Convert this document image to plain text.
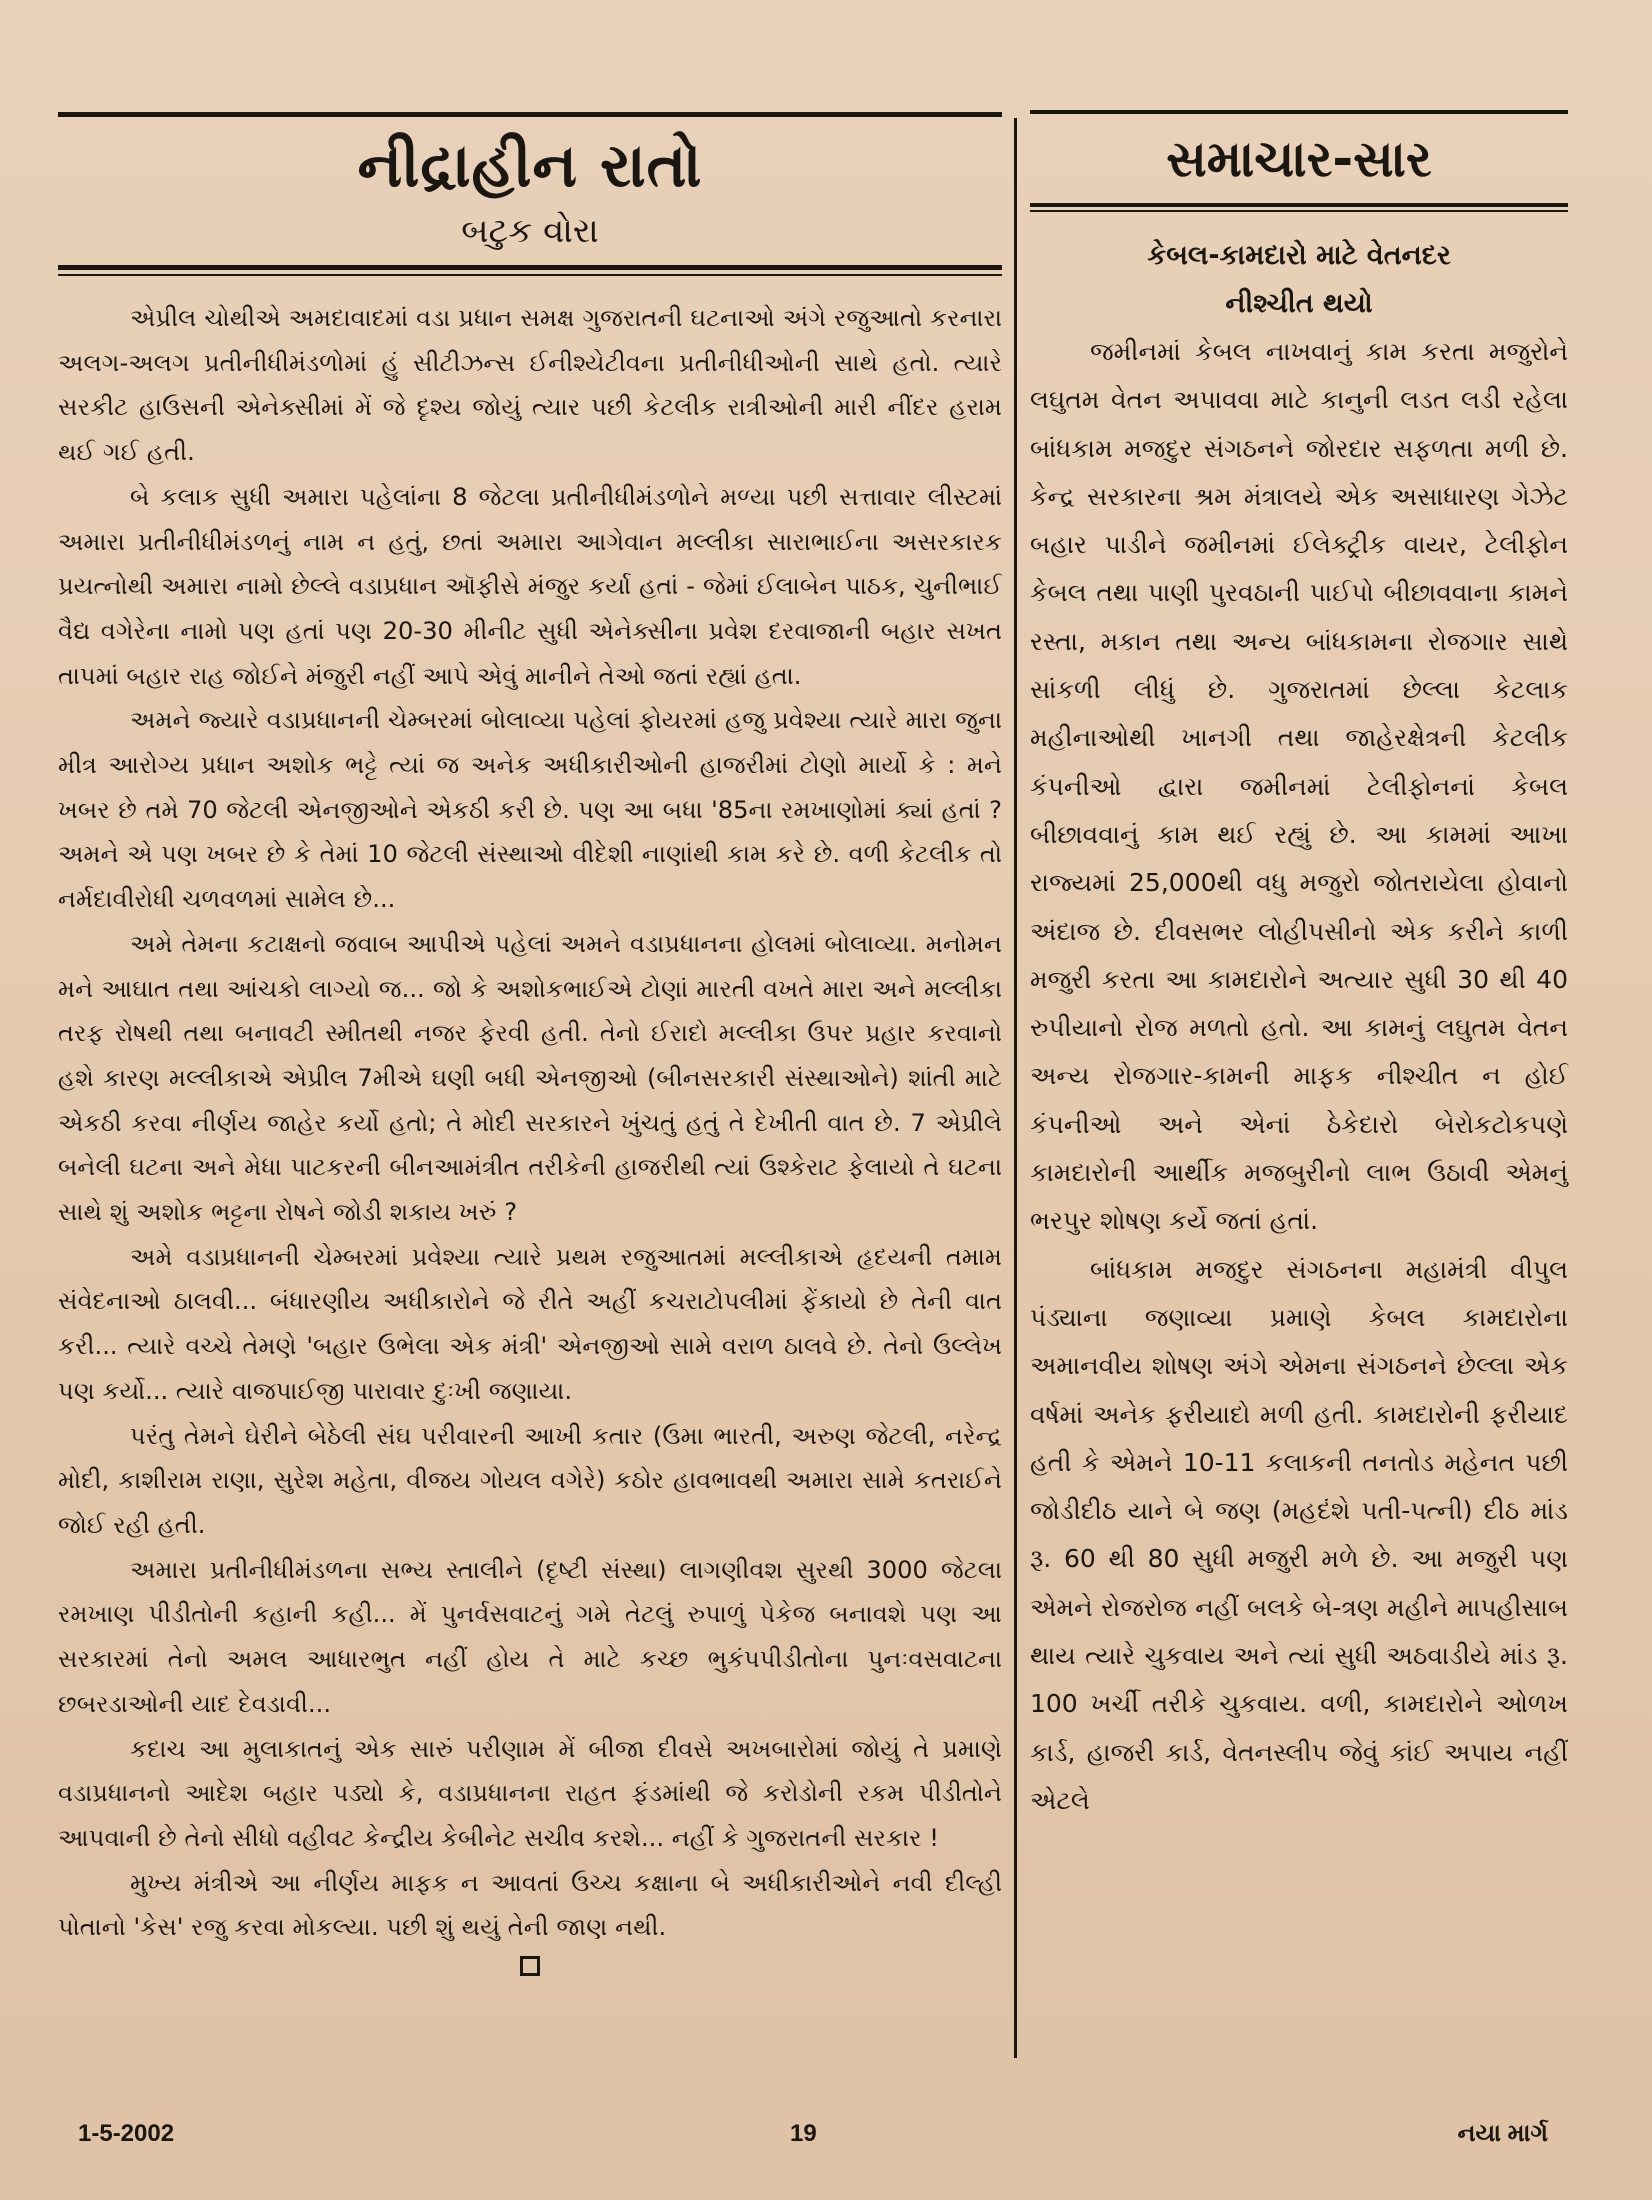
નીદ્રાહીન રાતો
બટુક વોરા

એપ્રીલ ચોથીએ અમદાવાદમાં વડા પ્રધાન સમક્ષ ગુજરાતની ઘટનાઓ અંગે રજુઆતો કરનારા અલગ-અલગ પ્રતીનીધીમંડળોમાં હું સીટીઝન્સ ઈનીશ્યેટીવના પ્રતીનીધીઓની સાથે હતો. ત્યારે સરકીટ હાઉસની એનેક્સીમાં મેં જે દૃશ્ય જોયું ત્યાર પછી કેટલીક રાત્રીઓની મારી નીંદર હરામ થઈ ગઈ હતી.

બે કલાક સુધી અમારા પહેલાંના 8 જેટલા પ્રતીનીધીમંડળોને મળ્યા પછી સત્તાવાર લીસ્ટમાં અમારા પ્રતીનીધીમંડળનું નામ ન હતું, છતાં અમારા આગેવાન મલ્લીકા સારાભાઈના અસરકારક પ્રયત્નોથી અમારા નામો છેલ્લે વડાપ્રધાન ઑફીસે મંજુર કર્યા હતાં - જેમાં ઈલાબેન પાઠક, ચુનીભાઈ વૈદ્ય વગેરેના નામો પણ હતાં પણ 20-30 મીનીટ સુધી એનેક્સીના પ્રવેશ દરવાજાની બહાર સખત તાપમાં બહાર રાહ જોઈને મંજુરી નહીં આપે એવું માનીને તેઓ જતાં રહ્યાં હતા.

અમને જ્યારે વડાપ્રધાનની ચેમ્બરમાં બોલાવ્યા પહેલાં ફોયરમાં હજુ પ્રવેશ્યા ત્યારે મારા જુના મીત્ર આરોગ્ય પ્રધાન અશોક ભટ્ટે ત્યાં જ અનેક અધીકારીઓની હાજરીમાં ટોણો માર્યો કે : મને ખબર છે તમે 70 જેટલી એનજીઓને એકઠી કરી છે. પણ આ બધા '85ના રમખાણોમાં ક્યાં હતાં ? અમને એ પણ ખબર છે કે તેમાં 10 જેટલી સંસ્થાઓ વીદેશી નાણાંથી કામ કરે છે. વળી કેટલીક તો નર્મદાવીરોધી ચળવળમાં સામેલ છે...

અમે તેમના કટાક્ષનો જવાબ આપીએ પહેલાં અમને વડાપ્રધાનના હોલમાં બોલાવ્યા. મનોમન મને આઘાત તથા આંચકો લાગ્યો જ... જો કે અશોકભાઈએ ટોણાં મારતી વખતે મારા અને મલ્લીકા તરફ રોષથી તથા બનાવટી સ્મીતથી નજર ફેરવી હતી. તેનો ઈરાદો મલ્લીકા ઉપર પ્રહાર કરવાનો હશે કારણ મલ્લીકાએ એપ્રીલ 7મીએ ઘણી બધી એનજીઓ (બીનસરકારી સંસ્થાઓને) શાંતી માટે એકઠી કરવા નીર્ણય જાહેર કર્યો હતો; તે મોદી સરકારને ખુંચતું હતું તે દેખીતી વાત છે. 7 એપ્રીલે બનેલી ઘટના અને મેધા પાટકરની બીનઆમંત્રીત તરીકેની હાજરીથી ત્યાં ઉશ્કેરાટ ફેલાયો તે ઘટના સાથે શું અશોક ભટ્ટના રોષને જોડી શકાય ખરું ?

અમે વડાપ્રધાનની ચેમ્બરમાં પ્રવેશ્યા ત્યારે પ્રથમ રજુઆતમાં મલ્લીકાએ હૃદયની તમામ સંવેદનાઓ ઠાલવી... બંધારણીય અધીકારોને જે રીતે અહીં કચરાટોપલીમાં ફેંકાયો છે તેની વાત કરી... ત્યારે વચ્ચે તેમણે 'બહાર ઉભેલા એક મંત્રી' એનજીઓ સામે વરાળ ઠાલવે છે. તેનો ઉલ્લેખ પણ કર્યો... ત્યારે વાજપાઈજી પારાવાર દુઃખી જણાયા.

પરંતુ તેમને ઘેરીને બેઠેલી સંઘ પરીવારની આખી કતાર (ઉમા ભારતી, અરુણ જેટલી, નરેન્દ્ર મોદી, કાશીરામ રાણા, સુરેશ મહેતા, વીજય ગોયલ વગેરે) કઠોર હાવભાવથી અમારા સામે કતરાઈને જોઈ રહી હતી.

અમારા પ્રતીનીધીમંડળના સભ્ય સ્તાલીને (દૃષ્ટી સંસ્થા) લાગણીવશ સુરથી 3000 જેટલા રમખાણ પીડીતોની કહાની કહી... મેં પુનર્વસવાટનું ગમે તેટલું રુપાળું પેકેજ બનાવશે પણ આ સરકારમાં તેનો અમલ આધારભુત નહીં હોય તે માટે કચ્છ ભુકંપપીડીતોના પુનઃવસવાટના છબરડાઓની યાદ દેવડાવી...

કદાચ આ મુલાકાતનું એક સારું પરીણામ મેં બીજા દીવસે અખબારોમાં જોયું તે પ્રમાણે વડાપ્રધાનનો આદેશ બહાર પડ્યો કે, વડાપ્રધાનના રાહત ફંડમાંથી જે કરોડોની રકમ પીડીતોને આપવાની છે તેનો સીધો વહીવટ કેન્દ્રીય કેબીનેટ સચીવ કરશે... નહીં કે ગુજરાતની સરકાર !

મુખ્ય મંત્રીએ આ નીર્ણય માફક ન આવતાં ઉચ્ચ કક્ષાના બે અધીકારીઓને નવી દીલ્હી પોતાનો 'કેસ' રજુ કરવા મોકલ્યા. પછી શું થયું તેની જાણ નથી.

સમાચાર-સાર
કેબલ-કામદારો માટે વેતનદર
નીશ્ચીત થયો

જમીનમાં કેબલ નાખવાનું કામ કરતા મજુરોને લઘુતમ વેતન અપાવવા માટે કાનુની લડત લડી રહેલા બાંધકામ મજદુર સંગઠનને જોરદાર સફળતા મળી છે. કેન્દ્ર સરકારના શ્રમ મંત્રાલયે એક અસાધારણ ગેઝેટ બહાર પાડીને જમીનમાં ઈલેક્ટ્રીક વાયર, ટેલીફોન કેબલ તથા પાણી પુરવઠાની પાઈપો બીછાવવાના કામને રસ્તા, મકાન તથા અન્ય બાંધકામના રોજગાર સાથે સાંકળી લીધું છે. ગુજરાતમાં છેલ્લા કેટલાક મહીનાઓથી ખાનગી તથા જાહેરક્ષેત્રની કેટલીક કંપનીઓ દ્વારા જમીનમાં ટેલીફોનનાં કેબલ બીછાવવાનું કામ થઈ રહ્યું છે. આ કામમાં આખા રાજ્યમાં 25,000થી વધુ મજુરો જોતરાયેલા હોવાનો અંદાજ છે. દીવસભર લોહીપસીનો એક કરીને કાળી મજુરી કરતા આ કામદારોને અત્યાર સુધી 30 થી 40 રુપીયાનો રોજ મળતો હતો. આ કામનું લઘુતમ વેતન અન્ય રોજગાર-કામની માફક નીશ્ચીત ન હોઈ કંપનીઓ અને એનાં ઠેકેદારો બેરોકટોકપણે કામદારોની આર્થીક મજબુરીનો લાભ ઉઠાવી એમનું ભરપુર શોષણ કર્યે જતાં હતાં.

બાંધકામ મજદુર સંગઠનના મહામંત્રી વીપુલ પંડ્યાના જણાવ્યા પ્રમાણે કેબલ કામદારોના અમાનવીય શોષણ અંગે એમના સંગઠનને છેલ્લા એક વર્ષમાં અનેક ફરીયાદો મળી હતી. કામદારોની ફરીયાદ હતી કે એમને 10-11 કલાકની તનતોડ મહેનત પછી જોડીદીઠ યાને બે જણ (મહદંશે પતી-પત્ની) દીઠ માંડ રૂ. 60 થી 80 સુધી મજુરી મળે છે. આ મજુરી પણ એમને રોજરોજ નહીં બલકે બે-ત્રણ મહીને માપહીસાબ થાય ત્યારે ચુકવાય અને ત્યાં સુધી અઠવાડીયે માંડ રૂ. 100 ખર્ચી તરીકે ચુકવાય. વળી, કામદારોને ઓળખ કાર્ડ, હાજરી કાર્ડ, વેતનસ્લીપ જેવું કાંઈ અપાય નહીં એટલે

1-5-2002	19	નયા માર્ગ
